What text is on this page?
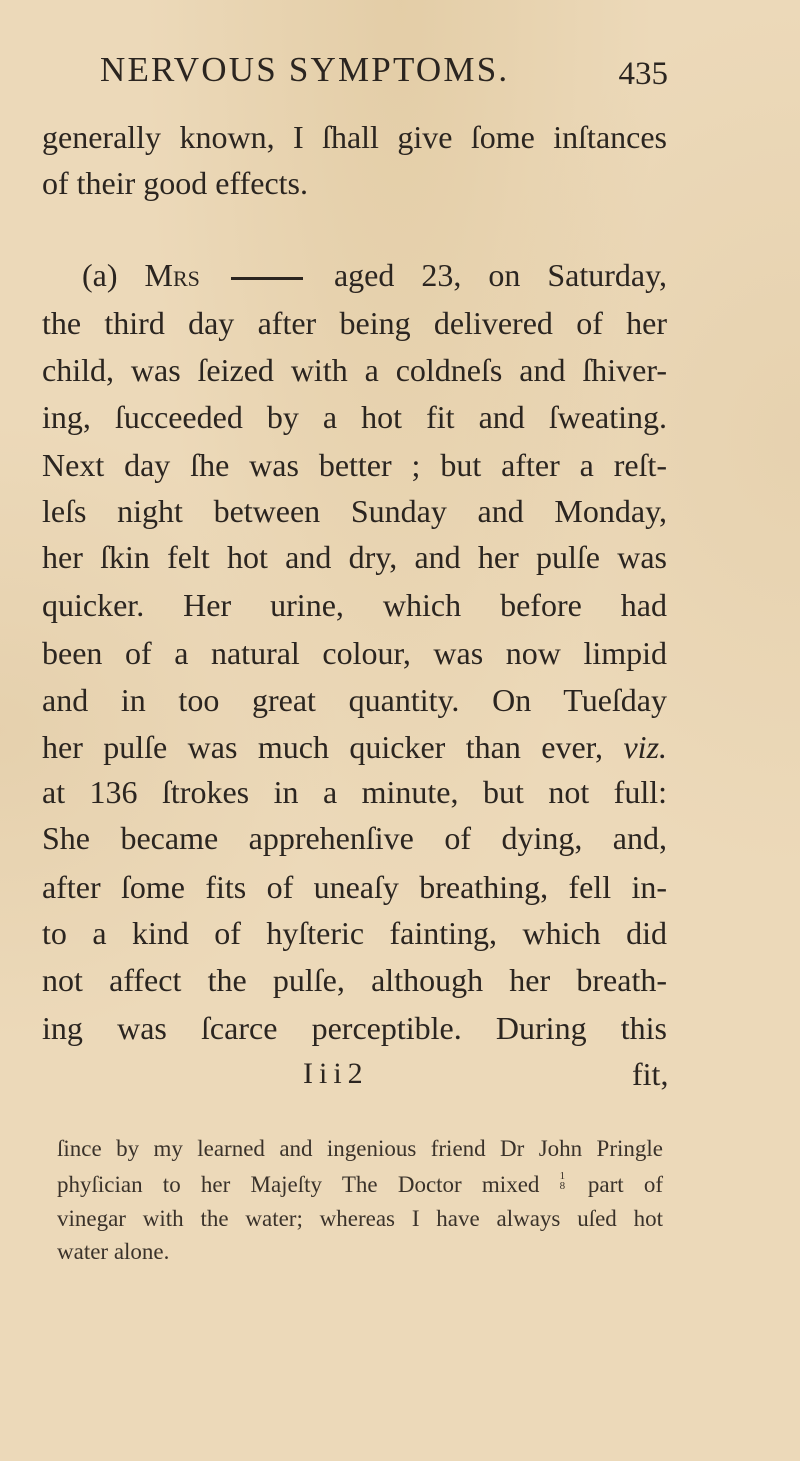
NERVOUS SYMPTOMS.	435
generally known, I ſhall give ſome inſtances
of their good effects.
(a) Mrs	aged 23, on Saturday,
the third day after being delivered of her
child, was ſeized with a coldneſs and ſhiver-
ing, ſucceeded by a hot fit and ſweating.
Next day ſhe was better ; but after a reſt-
leſs night between Sunday and Monday,
her ſkin felt hot and dry, and her pulſe was
quicker. Her urine, which before had
been of a natural colour, was now limpid
and in too great quantity. On Tueſday
her pulſe was much quicker than ever, viz.
at 136 ſtrokes in a minute, but not full:
She became apprehenſive of dying, and,
after ſome fits of uneaſy breathing, fell in-
to a kind of hyſteric fainting, which did
not affect the pulſe, although her breath-
ing was ſcarce perceptible. During this
Iii2	fit,
ſince by my learned and ingenious friend Dr John Pringle
phyſician to her Majeſty The Doctor mixed 1
8 part of
vinegar with the water; whereas I have always uſed hot
water alone.
